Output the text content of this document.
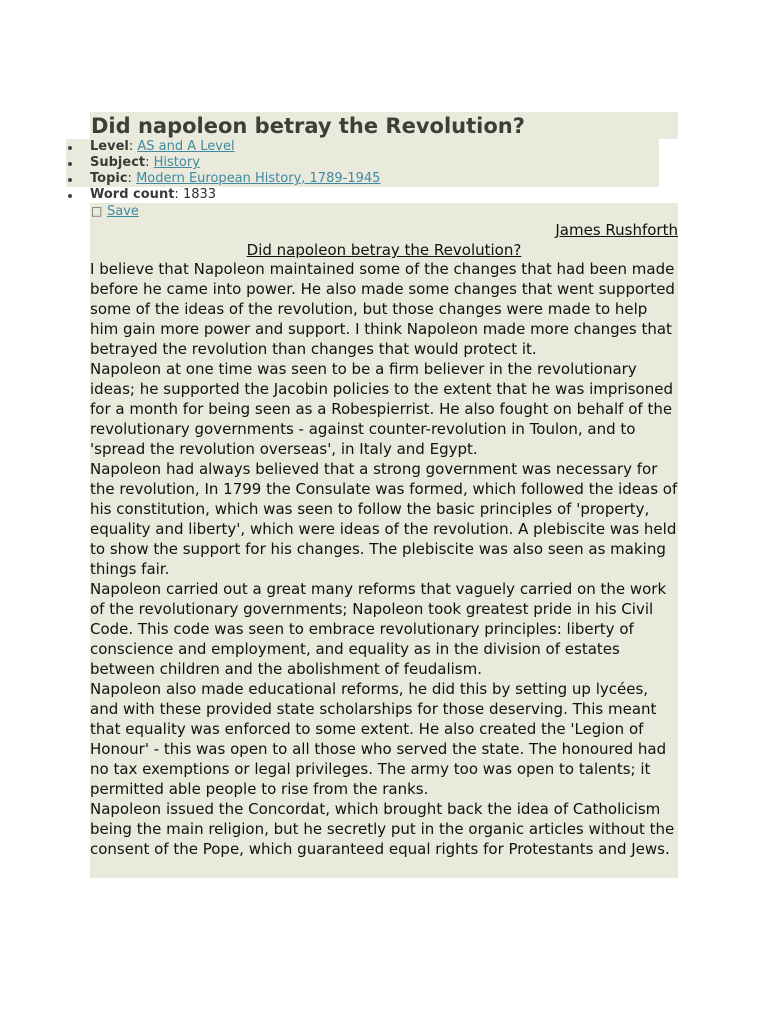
Did napoleon betray the Revolution?
Level: AS and A Level
Subject: History
Topic: Modern European History, 1789-1945
Word count: 1833
□ Save
James Rushforth
Did napoleon betray the Revolution?

I believe that Napoleon maintained some of the changes that had been made before he came into power. He also made some changes that went supported some of the ideas of the revolution, but those changes were made to help him gain more power and support. I think Napoleon made more changes that betrayed the revolution than changes that would protect it.

Napoleon at one time was seen to be a firm believer in the revolutionary ideas; he supported the Jacobin policies to the extent that he was imprisoned for a month for being seen as a Robespierrist. He also fought on behalf of the revolutionary governments - against counter-revolution in Toulon, and to 'spread the revolution overseas', in Italy and Egypt.

Napoleon had always believed that a strong government was necessary for the revolution, In 1799 the Consulate was formed, which followed the ideas of his constitution, which was seen to follow the basic principles of 'property, equality and liberty', which were ideas of the revolution. A plebiscite was held to show the support for his changes. The plebiscite was also seen as making things fair.

Napoleon carried out a great many reforms that vaguely carried on the work of the revolutionary governments; Napoleon took greatest pride in his Civil Code. This code was seen to embrace revolutionary principles: liberty of conscience and employment, and equality as in the division of estates between children and the abolishment of feudalism.

Napoleon also made educational reforms, he did this by setting up lycées, and with these provided state scholarships for those deserving. This meant that equality was enforced to some extent. He also created the 'Legion of Honour' - this was open to all those who served the state. The honoured had no tax exemptions or legal privileges. The army too was open to talents; it permitted able people to rise from the ranks.

Napoleon issued the Concordat, which brought back the idea of Catholicism being the main religion, but he secretly put in the organic articles without the consent of the Pope, which guaranteed equal rights for Protestants and Jews.
